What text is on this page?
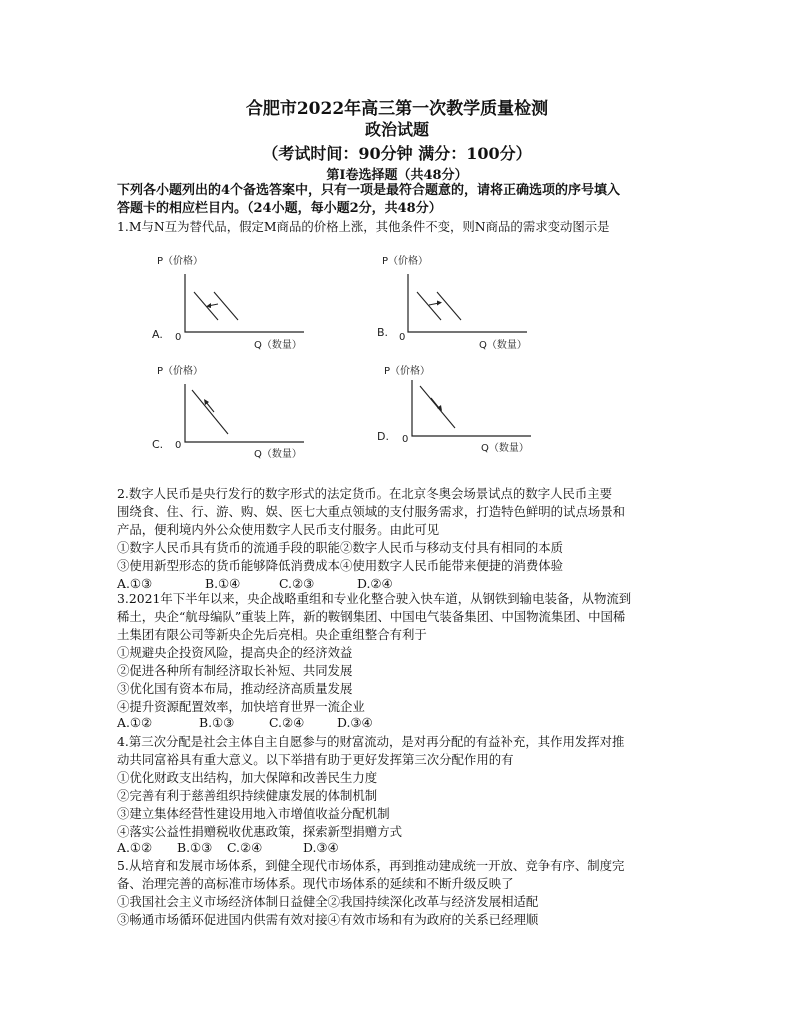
合肥市2022年高三第一次教学质量检测
政治试题
（考试时间：90分钟 满分：100分）
第Ⅰ卷选择题（共48分）
下列各小题列出的4个备选答案中，只有一项是最符合题意的，请将正确选项的序号填入
答题卡的相应栏目内。（24小题，每小题2分，共48分）
1.M与N互为替代品，假定M商品的价格上涨，其他条件不变，则N商品的需求变动图示是
P（价格）
A. 0
Q（数量）
P（价格）
B. 0
Q（数量）
P（价格）
C. 0
Q（数量）
P（价格）
D. 0
Q（数量）
2.数字人民币是央行发行的数字形式的法定货币。在北京冬奥会场景试点的数字人民币主要
围绕食、住、行、游、购、娱、医七大重点领域的支付服务需求，打造特色鲜明的试点场景和
产品，便利境内外公众使用数字人民币支付服务。由此可见
①数字人民币具有货币的流通手段的职能②数字人民币与移动支付具有相同的本质
③使用新型形态的货币能够降低消费成本④使用数字人民币能带来便捷的消费体验
A.①③	B.①④	C.②③	D.②④
3.2021年下半年以来，央企战略重组和专业化整合驶入快车道，从钢铁到输电装备，从物流到
稀土，央企“航母编队”重装上阵，新的鞍钢集团、中国电气装备集团、中国物流集团、中国稀
土集团有限公司等新央企先后亮相。央企重组整合有利于
①规避央企投资风险，提高央企的经济效益
②促进各种所有制经济取长补短、共同发展
③优化国有资本布局，推动经济高质量发展
④提升资源配置效率，加快培育世界一流企业
A.①②	B.①③	C.②④	D.③④
4.第三次分配是社会主体自主自愿参与的财富流动，是对再分配的有益补充，其作用发挥对推
动共同富裕具有重大意义。以下举措有助于更好发挥第三次分配作用的有
①优化财政支出结构，加大保障和改善民生力度
②完善有利于慈善组织持续健康发展的体制机制
③建立集体经营性建设用地入市增值收益分配机制
④落实公益性捐赠税收优惠政策，探索新型捐赠方式
A.①② B.①③ C.②④	D.③④
5.从培育和发展市场体系，到健全现代市场体系，再到推动建成统一开放、竞争有序、制度完
备、治理完善的高标准市场体系。现代市场体系的延续和不断升级反映了
①我国社会主义市场经济体制日益健全②我国持续深化改革与经济发展相适配
③畅通市场循环促进国内供需有效对接④有效市场和有为政府的关系已经理顺
